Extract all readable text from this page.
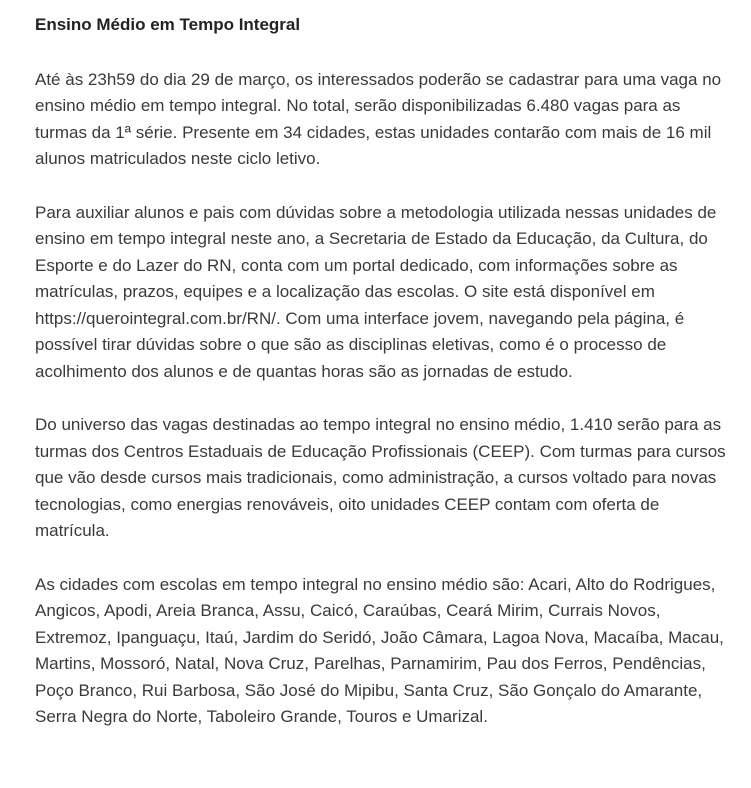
Ensino Médio em Tempo Integral

Até às 23h59 do dia 29 de março, os interessados poderão se cadastrar para uma vaga no ensino médio em tempo integral. No total, serão disponibilizadas 6.480 vagas para as turmas da 1ª série. Presente em 34 cidades, estas unidades contarão com mais de 16 mil alunos matriculados neste ciclo letivo.

Para auxiliar alunos e pais com dúvidas sobre a metodologia utilizada nessas unidades de ensino em tempo integral neste ano, a Secretaria de Estado da Educação, da Cultura, do Esporte e do Lazer do RN, conta com um portal dedicado, com informações sobre as matrículas, prazos, equipes e a localização das escolas. O site está disponível em https://querointegral.com.br/RN/. Com uma interface jovem, navegando pela página, é possível tirar dúvidas sobre o que são as disciplinas eletivas, como é o processo de acolhimento dos alunos e de quantas horas são as jornadas de estudo.

Do universo das vagas destinadas ao tempo integral no ensino médio, 1.410 serão para as turmas dos Centros Estaduais de Educação Profissionais (CEEP). Com turmas para cursos que vão desde cursos mais tradicionais, como administração, a cursos voltado para novas tecnologias, como energias renováveis, oito unidades CEEP contam com oferta de matrícula.

As cidades com escolas em tempo integral no ensino médio são: Acari, Alto do Rodrigues, Angicos, Apodi, Areia Branca, Assu, Caicó, Caraúbas, Ceará Mirim, Currais Novos, Extremoz, Ipanguaçu, Itaú, Jardim do Seridó, João Câmara, Lagoa Nova, Macaíba, Macau, Martins, Mossoró, Natal, Nova Cruz, Parelhas, Parnamirim, Pau dos Ferros, Pendências, Poço Branco, Rui Barbosa, São José do Mipibu, Santa Cruz, São Gonçalo do Amarante, Serra Negra do Norte, Taboleiro Grande, Touros e Umarizal.
